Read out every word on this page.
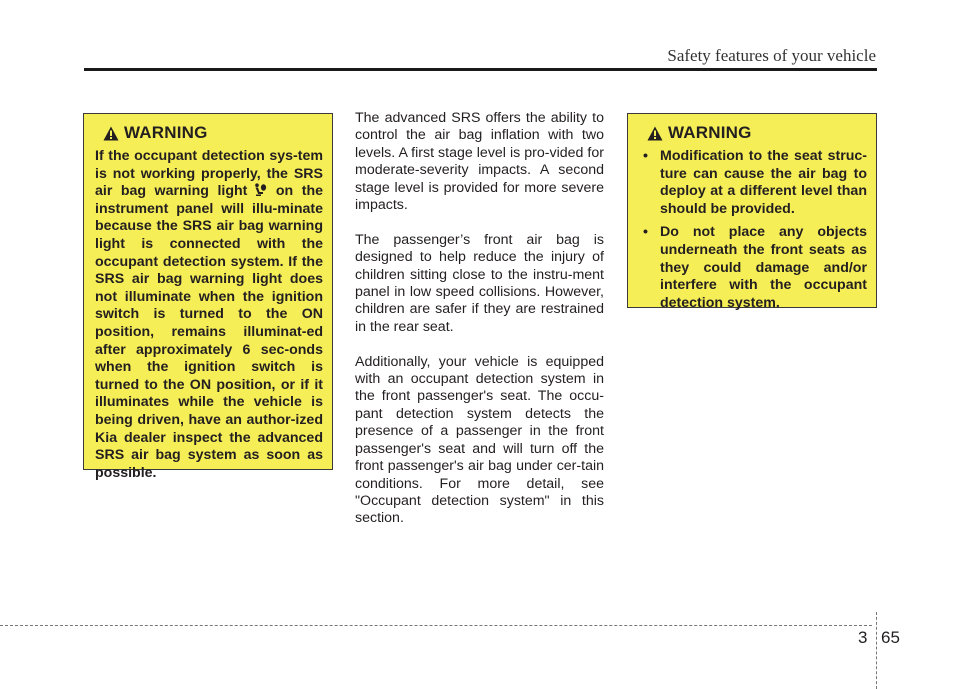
Safety features of your vehicle
WARNING
If the occupant detection sys-tem is not working properly, the SRS air bag warning light on the instrument panel will illu-minate because the SRS air bag warning light is connected with the occupant detection system. If the SRS air bag warning light does not illuminate when the ignition switch is turned to the ON position, remains illuminat-ed after approximately 6 sec-onds when the ignition switch is turned to the ON position, or if it illuminates while the vehicle is being driven, have an author-ized Kia dealer inspect the advanced SRS air bag system as soon as possible.

The advanced SRS offers the ability to control the air bag inflation with two levels. A first stage level is pro-vided for moderate-severity impacts. A second stage level is provided for more severe impacts.

The passenger’s front air bag is designed to help reduce the injury of children sitting close to the instru-ment panel in low speed collisions. However, children are safer if they are restrained in the rear seat.

Additionally, your vehicle is equipped with an occupant detection system in the front passenger's seat. The occu-pant detection system detects the presence of a passenger in the front passenger's seat and will turn off the front passenger's air bag under cer-tain conditions. For more detail, see "Occupant detection system" in this section.

WARNING
• Modification to the seat struc-ture can cause the air bag to deploy at a different level than should be provided.
• Do not place any objects underneath the front seats as they could damage and/or interfere with the occupant detection system.
3 65
